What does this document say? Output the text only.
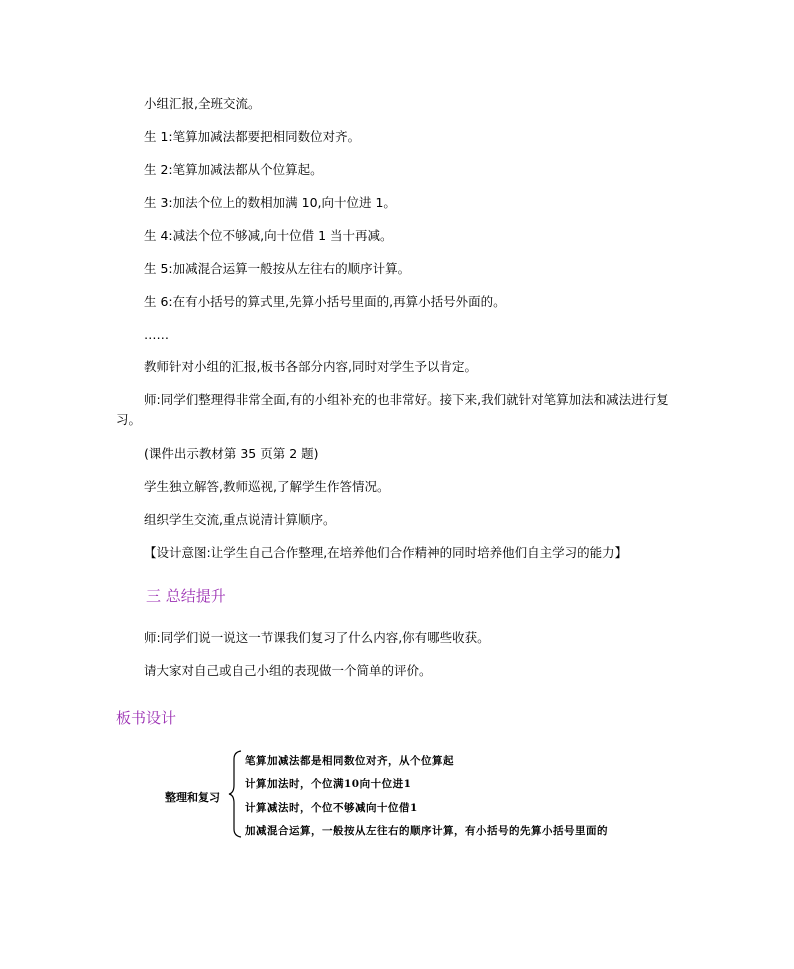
小组汇报,全班交流。
生 1:笔算加减法都要把相同数位对齐。
生 2:笔算加减法都从个位算起。
生 3:加法个位上的数相加满 10,向十位进 1。
生 4:减法个位不够减,向十位借 1 当十再减。
生 5:加减混合运算一般按从左往右的顺序计算。
生 6:在有小括号的算式里,先算小括号里面的,再算小括号外面的。
……
教师针对小组的汇报,板书各部分内容,同时对学生予以肯定。
师:同学们整理得非常全面,有的小组补充的也非常好。接下来,我们就针对笔算加法和减法进行复习。
(课件出示教材第 35 页第 2 题)
学生独立解答,教师巡视,了解学生作答情况。
组织学生交流,重点说清计算顺序。
【设计意图:让学生自己合作整理,在培养他们合作精神的同时培养他们自主学习的能力】
三 总结提升
师:同学们说一说这一节课我们复习了什么内容,你有哪些收获。
请大家对自己或自己小组的表现做一个简单的评价。
板书设计
整理和复习
笔算加减法都是相同数位对齐，从个位算起
计算加法时，个位满10向十位进1
计算减法时，个位不够减向十位借1
加减混合运算，一般按从左往右的顺序计算，有小括号的先算小括号里面的
